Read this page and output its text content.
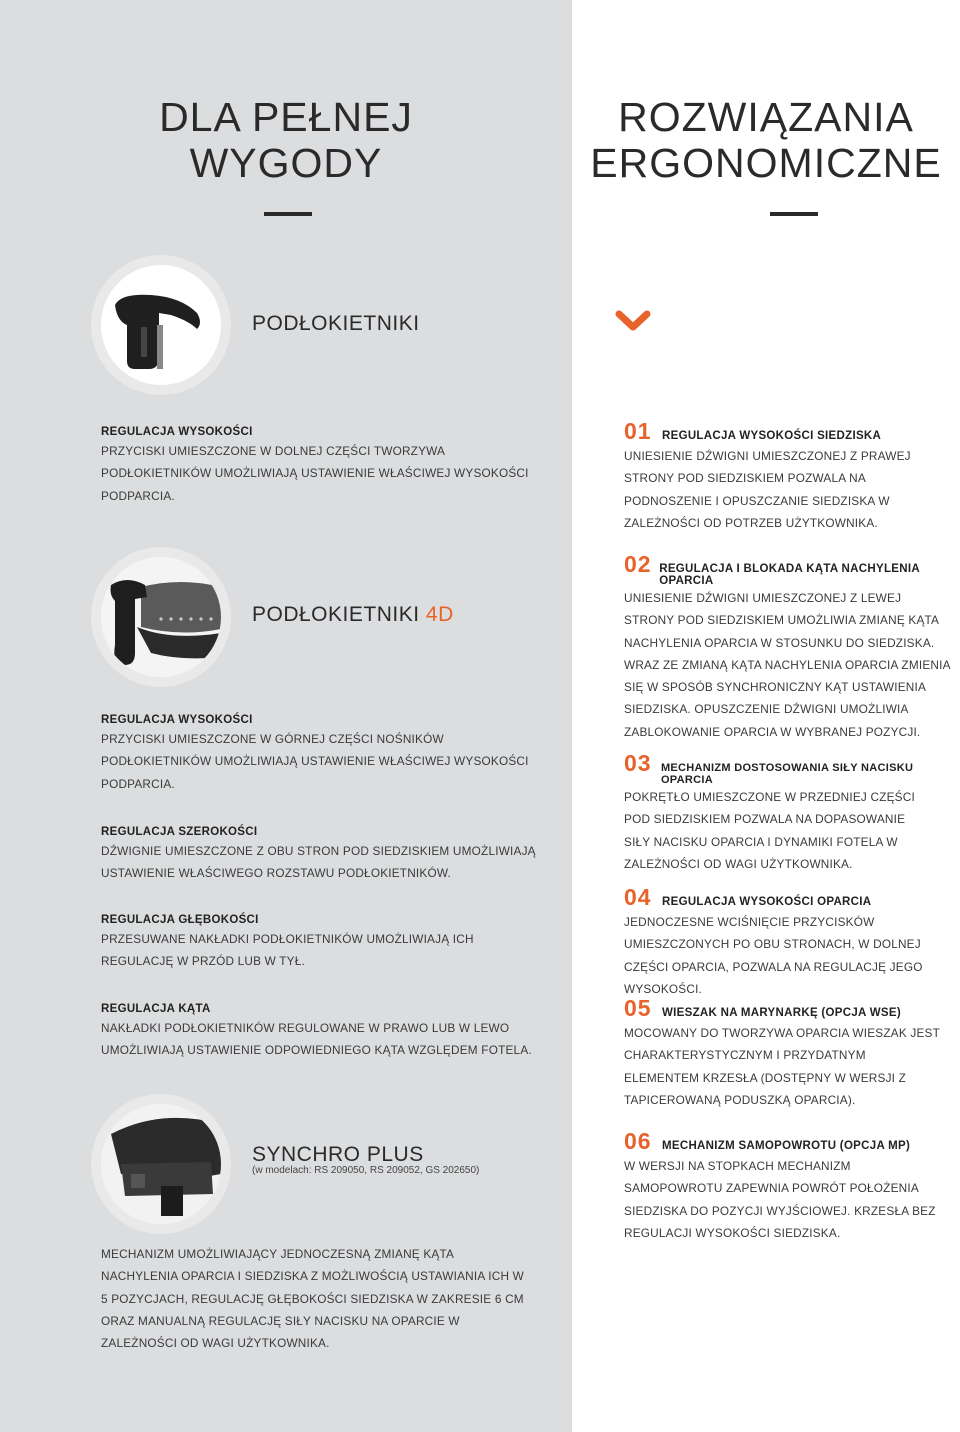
DLA PEŁNEJ
WYGODY
ROZWIĄZANIA
ERGONOMICZNE
PODŁOKIETNIKI
REGULACJA WYSOKOŚCI
PRZYCISKI UMIESZCZONE W DOLNEJ CZĘŚCI TWORZYWA PODŁOKIETNIKÓW UMOŻLIWIAJĄ USTAWIENIE WŁAŚCIWEJ WYSOKOŚCI PODPARCIA.
PODŁOKIETNIKI 4D
REGULACJA WYSOKOŚCI
PRZYCISKI UMIESZCZONE W GÓRNEJ CZĘŚCI NOŚNIKÓW PODŁOKIETNIKÓW UMOŻLIWIAJĄ USTAWIENIE WŁAŚCIWEJ WYSOKOŚCI PODPARCIA.
REGULACJA SZEROKOŚCI
DŹWIGNIE UMIESZCZONE Z OBU STRON POD SIEDZISKIEM UMOŻLIWIAJĄ USTAWIENIE WŁAŚCIWEGO ROZSTAWU PODŁOKIETNIKÓW.
REGULACJA GŁĘBOKOŚCI
PRZESUWANE NAKŁADKI PODŁOKIETNIKÓW UMOŻLIWIAJĄ ICH REGULACJĘ W PRZÓD LUB W TYŁ.
REGULACJA KĄTA
NAKŁADKI PODŁOKIETNIKÓW REGULOWANE W PRAWO LUB W LEWO UMOŻLIWIAJĄ USTAWIENIE ODPOWIEDNIEGO KĄTA WZGLĘDEM FOTELA.
SYNCHRO PLUS
(w modelach: RS 209050, RS 209052, GS 202650)
MECHANIZM UMOŻLIWIAJĄCY JEDNOCZESNĄ ZMIANĘ KĄTA NACHYLENIA OPARCIA I SIEDZISKA Z MOŻLIWOŚCIĄ USTAWIANIA ICH W 5 POZYCJACH, REGULACJĘ GŁĘBOKOŚCI SIEDZISKA W ZAKRESIE 6 CM ORAZ MANUALNĄ REGULACJĘ SIŁY NACISKU NA OPARCIE W ZALEŻNOŚCI OD WAGI UŻYTKOWNIKA.
01 REGULACJA WYSOKOŚCI SIEDZISKA
UNIESIENIE DŹWIGNI UMIESZCZONEJ Z PRAWEJ STRONY POD SIEDZISKIEM POZWALA NA PODNOSZENIE I OPUSZCZANIE SIEDZISKA W ZALEŻNOŚCI OD POTRZEB UŻYTKOWNIKA.
02 REGULACJA I BLOKADA KĄTA NACHYLENIA OPARCIA
UNIESIENIE DŹWIGNI UMIESZCZONEJ Z LEWEJ STRONY POD SIEDZISKIEM UMOŻLIWIA ZMIANĘ KĄTA NACHYLENIA OPARCIA W STOSUNKU DO SIEDZISKA. WRAZ ZE ZMIANĄ KĄTA NACHYLENIA OPARCIA ZMIENIA SIĘ W SPOSÓB SYNCHRONICZNY KĄT USTAWIENIA SIEDZISKA. OPUSZCZENIE DŹWIGNI UMOŻLIWIA ZABLOKOWANIE OPARCIA W WYBRANEJ POZYCJI.
03 MECHANIZM DOSTOSOWANIA SIŁY NACISKU OPARCIA
POKRĘTŁO UMIESZCZONE W PRZEDNIEJ CZĘŚCI POD SIEDZISKIEM POZWALA NA DOPASOWANIE SIŁY NACISKU OPARCIA I DYNAMIKI FOTELA W ZALEŻNOŚCI OD WAGI UŻYTKOWNIKA.
04 REGULACJA WYSOKOŚCI OPARCIA
JEDNOCZESNE WCIŚNIĘCIE PRZYCISKÓW UMIESZCZONYCH PO OBU STRONACH, W DOLNEJ CZĘŚCI OPARCIA, POZWALA NA REGULACJĘ JEGO WYSOKOŚCI.
05 WIESZAK NA MARYNARKĘ (OPCJA WSE)
MOCOWANY DO TWORZYWA OPARCIA WIESZAK JEST CHARAKTERYSTYCZNYM I PRZYDATNYM ELEMENTEM KRZESŁA (DOSTĘPNY W WERSJI Z TAPICEROWANĄ PODUSZKĄ OPARCIA).
06 MECHANIZM SAMOPOWROTU (OPCJA MP)
W WERSJI NA STOPKACH MECHANIZM SAMOPOWROTU ZAPEWNIA POWRÓT POŁOŻENIA SIEDZISKA DO POZYCJI WYJŚCIOWEJ. KRZESŁA BEZ REGULACJI WYSOKOŚCI SIEDZISKA.
